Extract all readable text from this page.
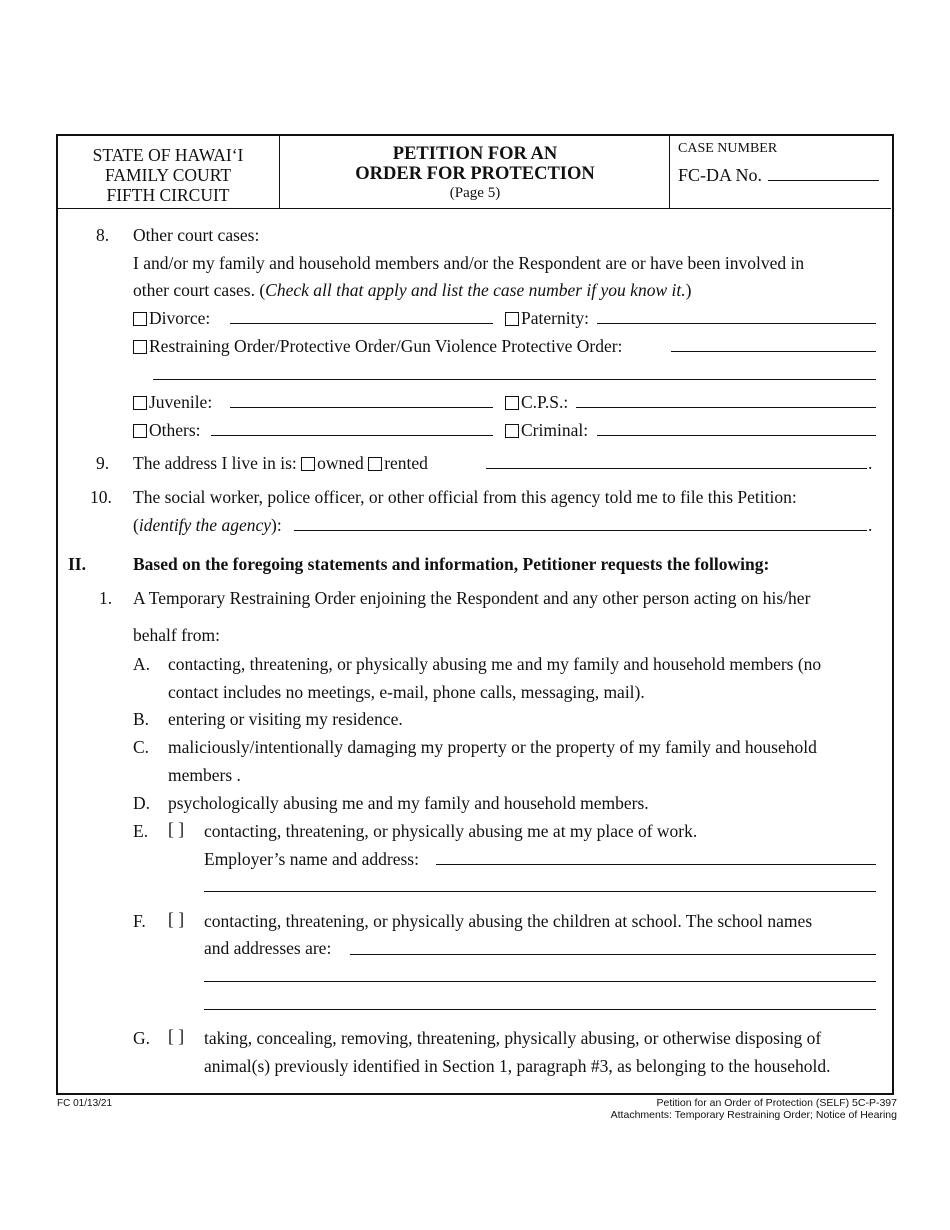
STATE OF HAWAI‘I
FAMILY COURT
FIFTH CIRCUIT
PETITION FOR AN
ORDER FOR PROTECTION
(Page 5)
CASE NUMBER
FC-DA No.
8. Other court cases:
I and/or my family and household members and/or the Respondent are or have been involved in
other court cases. (Check all that apply and list the case number if you know it.)
Divorce:	Paternity:
Restraining Order/Protective Order/Gun Violence Protective Order:
Juvenile:	C.P.S.:
Others:	Criminal:
9. The address I live in is: owned rented	.
10. The social worker, police officer, or other official from this agency told me to file this Petition:
(identify the agency):	.
II.	Based on the foregoing statements and information, Petitioner requests the following:
1. A Temporary Restraining Order enjoining the Respondent and any other person acting on his/her
behalf from:
A. contacting, threatening, or physically abusing me and my family and household members (no
contact includes no meetings, e-mail, phone calls, messaging, mail).
B. entering or visiting my residence.
C. maliciously/intentionally damaging my property or the property of my family and household
members .
D. psychologically abusing me and my family and household members.
E. [ ] contacting, threatening, or physically abusing me at my place of work.
Employer’s name and address:
F. [ ] contacting, threatening, or physically abusing the children at school. The school names
and addresses are:
G. [ ] taking, concealing, removing, threatening, physically abusing, or otherwise disposing of
animal(s) previously identified in Section 1, paragraph #3, as belonging to the household.
FC 01/13/21	Petition for an Order of Protection (SELF) 5C-P-397
Attachments: Temporary Restraining Order; Notice of Hearing
